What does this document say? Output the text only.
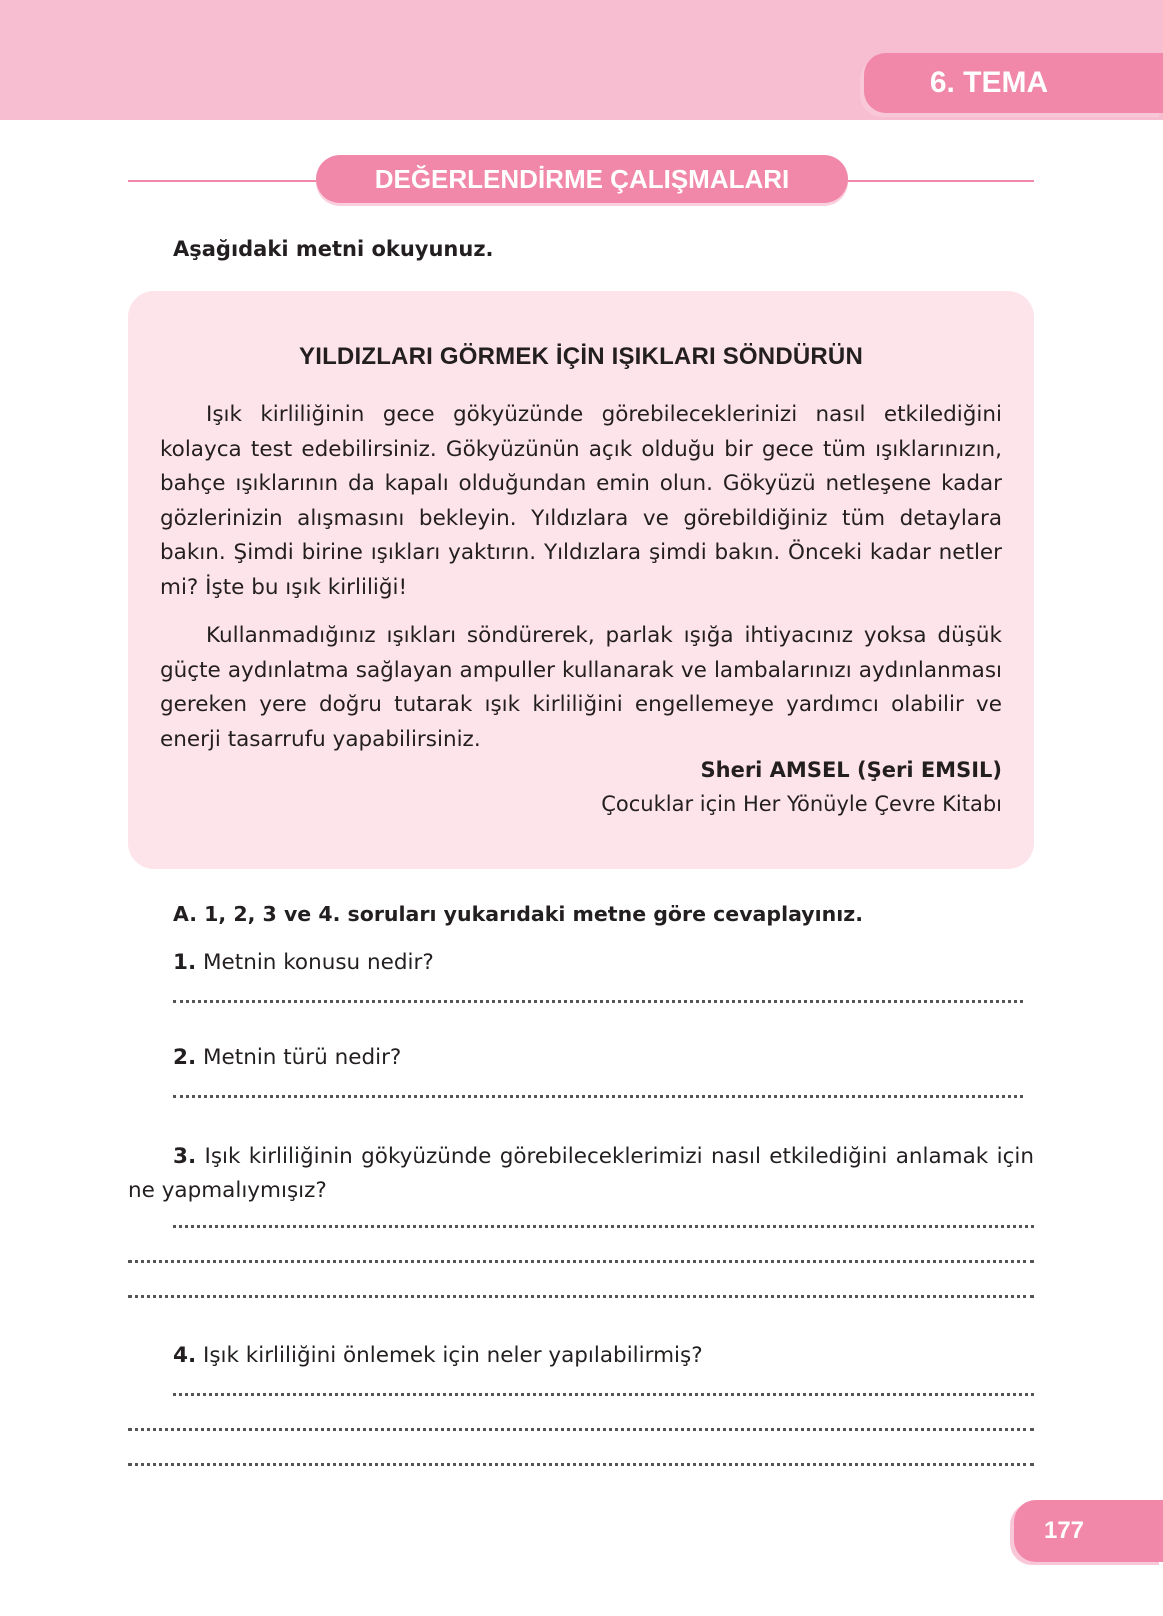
6. TEMA
DEĞERLENDİRME ÇALIŞMALARI
Aşağıdaki metni okuyunuz.
YILDIZLARI GÖRMEK İÇİN IŞIKLARI SÖNDÜRÜN

Işık kirliliğinin gece gökyüzünde görebileceklerinizi nasıl etkilediğini kolayca test edebilirsiniz. Gökyüzünün açık olduğu bir gece tüm ışıklarınızın, bahçe ışıklarının da kapalı olduğundan emin olun. Gökyüzü netleşene kadar gözlerinizin alışmasını bekleyin. Yıldızlara ve görebildiğiniz tüm detaylara bakın. Şimdi birine ışıkları yaktırın. Yıldızlara şimdi bakın. Önceki kadar netler mi? İşte bu ışık kirliliği!

Kullanmadığınız ışıkları söndürerek, parlak ışığa ihtiyacınız yoksa düşük güçte aydınlatma sağlayan ampuller kullanarak ve lambalarınızı aydınlanması gereken yere doğru tutarak ışık kirliliğini engellemeye yardımcı olabilir ve enerji tasarrufu yapabilirsiniz.

Sheri AMSEL (Şeri EMSIL)
Çocuklar için Her Yönüyle Çevre Kitabı
A. 1, 2, 3 ve 4. soruları yukarıdaki metne göre cevaplayınız.
1. Metnin konusu nedir?
2. Metnin türü nedir?
3. Işık kirliliğinin gökyüzünde görebileceklerimizi nasıl etkilediğini anlamak için ne yapmalıymışız?
4. Işık kirliliğini önlemek için neler yapılabilirmiş?
177
